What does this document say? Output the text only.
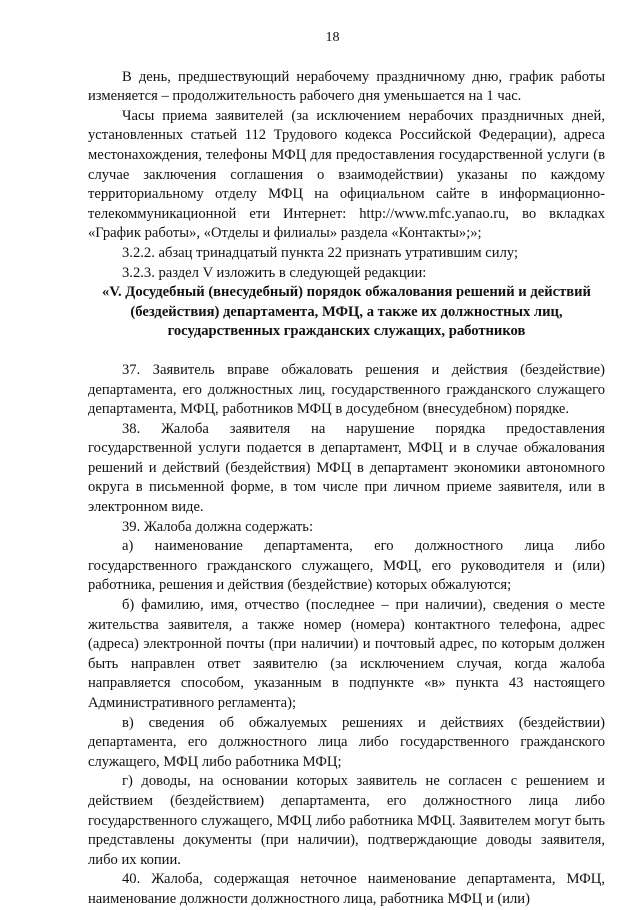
18

В день, предшествующий нерабочему праздничному дню, график работы изменяется – продолжительность рабочего дня уменьшается на 1 час.

Часы приема заявителей (за исключением нерабочих праздничных дней, установленных статьей 112 Трудового кодекса Российской Федерации), адреса местонахождения, телефоны МФЦ для предоставления государственной услуги (в случае заключения соглашения о взаимодействии) указаны по каждому территориальному отделу МФЦ на официальном сайте в информационно-телекоммуникационной ети Интернет: http://www.mfc.yanao.ru, во вкладках «График работы», «Отделы и филиалы» раздела «Контакты»;»;

3.2.2. абзац тринадцатый пункта 22 признать утратившим силу;

3.2.3. раздел V изложить в следующей редакции:

«V. Досудебный (внесудебный) порядок обжалования решений и действий (бездействия) департамента, МФЦ, а также их должностных лиц, государственных гражданских служащих, работников

37. Заявитель вправе обжаловать решения и действия (бездействие) департамента, его должностных лиц, государственного гражданского служащего департамента, МФЦ, работников МФЦ в досудебном (внесудебном) порядке.

38. Жалоба заявителя на нарушение порядка предоставления государственной услуги подается в департамент, МФЦ и в случае обжалования решений и действий (бездействия) МФЦ в департамент экономики автономного округа в письменной форме, в том числе при личном приеме заявителя, или в электронном виде.

39. Жалоба должна содержать:

а) наименование департамента, его должностного лица либо государственного гражданского служащего, МФЦ, его руководителя и (или) работника, решения и действия (бездействие) которых обжалуются;

б) фамилию, имя, отчество (последнее – при наличии), сведения о месте жительства заявителя, а также номер (номера) контактного телефона, адрес (адреса) электронной почты (при наличии) и почтовый адрес, по которым должен быть направлен ответ заявителю (за исключением случая, когда жалоба направляется способом, указанным в подпункте «в» пункта 43 настоящего Административного регламента);

в) сведения об обжалуемых решениях и действиях (бездействии) департамента, его должностного лица либо государственного гражданского служащего, МФЦ либо работника МФЦ;

г) доводы, на основании которых заявитель не согласен с решением и действием (бездействием) департамента, его должностного лица либо государственного служащего, МФЦ либо работника МФЦ. Заявителем могут быть представлены документы (при наличии), подтверждающие доводы заявителя, либо их копии.

40. Жалоба, содержащая неточное наименование департамента, МФЦ, наименование должности должностного лица, работника МФЦ и (или)
